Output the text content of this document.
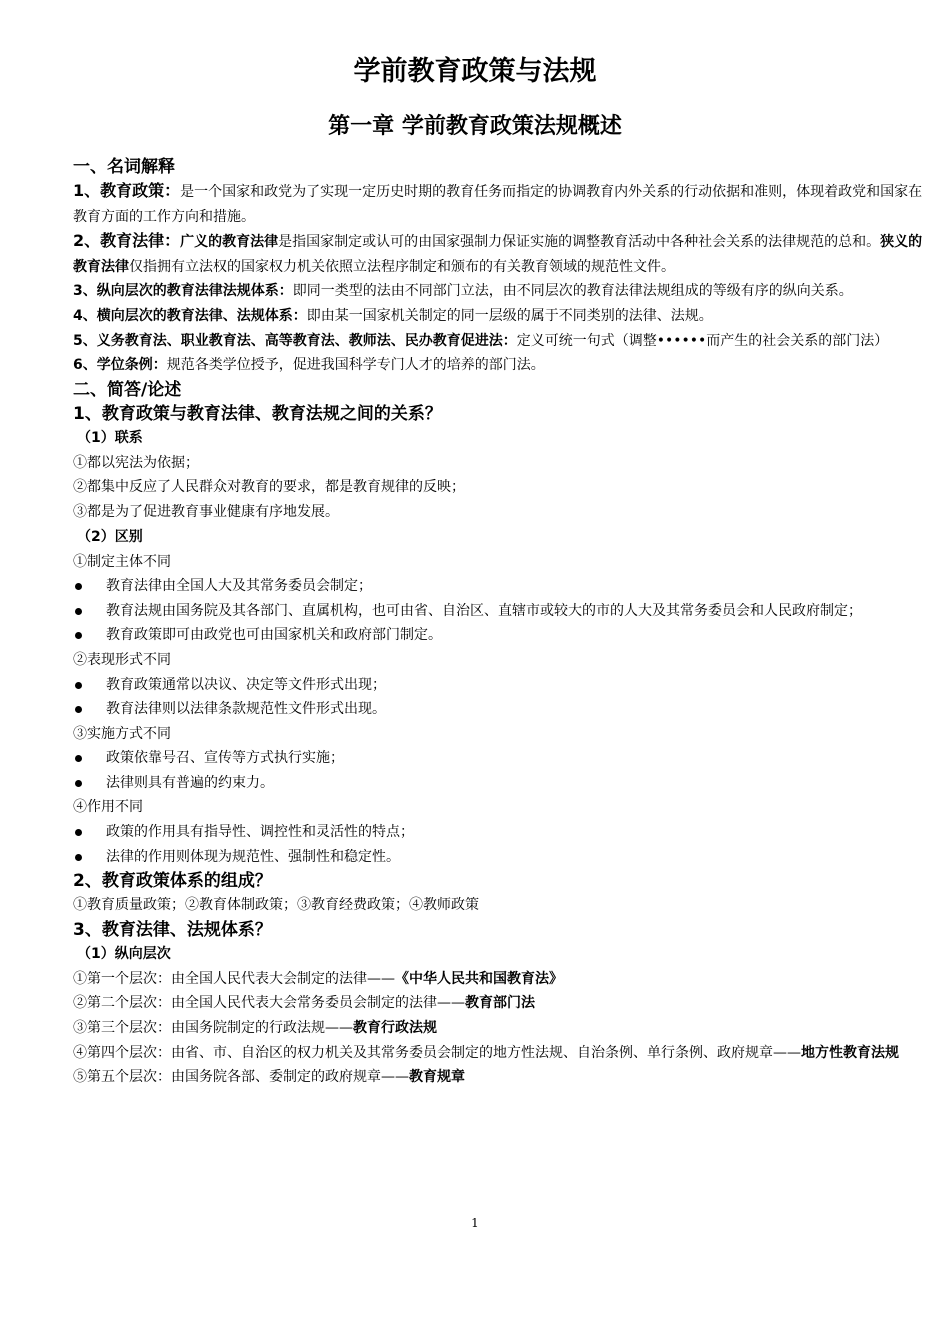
学前教育政策与法规
第一章 学前教育政策法规概述
一、名词解释
1、教育政策：是一个国家和政党为了实现一定历史时期的教育任务而指定的协调教育内外关系的行动依据和准则，体现着政党和国家在教育方面的工作方向和措施。
2、教育法律：广义的教育法律是指国家制定或认可的由国家强制力保证实施的调整教育活动中各种社会关系的法律规范的总和。狭义的教育法律仅指拥有立法权的国家权力机关依照立法程序制定和颁布的有关教育领域的规范性文件。
3、纵向层次的教育法律法规体系：即同一类型的法由不同部门立法，由不同层次的教育法律法规组成的等级有序的纵向关系。
4、横向层次的教育法律、法规体系：即由某一国家机关制定的同一层级的属于不同类别的法律、法规。
5、义务教育法、职业教育法、高等教育法、教师法、民办教育促进法：定义可统一句式（调整••••••而产生的社会关系的部门法）
6、学位条例：规范各类学位授予，促进我国科学专门人才的培养的部门法。
二、简答/论述
1、教育政策与教育法律、教育法规之间的关系？
（1）联系
①都以宪法为依据；
②都集中反应了人民群众对教育的要求，都是教育规律的反映；
③都是为了促进教育事业健康有序地发展。
（2）区别
①制定主体不同
教育法律由全国人大及其常务委员会制定；
教育法规由国务院及其各部门、直属机构，也可由省、自治区、直辖市或较大的市的人大及其常务委员会和人民政府制定；
教育政策即可由政党也可由国家机关和政府部门制定。
②表现形式不同
教育政策通常以决议、决定等文件形式出现；
教育法律则以法律条款规范性文件形式出现。
③实施方式不同
政策依靠号召、宣传等方式执行实施；
法律则具有普遍的约束力。
④作用不同
政策的作用具有指导性、调控性和灵活性的特点；
法律的作用则体现为规范性、强制性和稳定性。
2、教育政策体系的组成？
①教育质量政策；②教育体制政策；③教育经费政策；④教师政策
3、教育法律、法规体系？
（1）纵向层次
①第一个层次：由全国人民代表大会制定的法律——《中华人民共和国教育法》
②第二个层次：由全国人民代表大会常务委员会制定的法律——教育部门法
③第三个层次：由国务院制定的行政法规——教育行政法规
④第四个层次：由省、市、自治区的权力机关及其常务委员会制定的地方性法规、自治条例、单行条例、政府规章——地方性教育法规
⑤第五个层次：由国务院各部、委制定的政府规章——教育规章
1
